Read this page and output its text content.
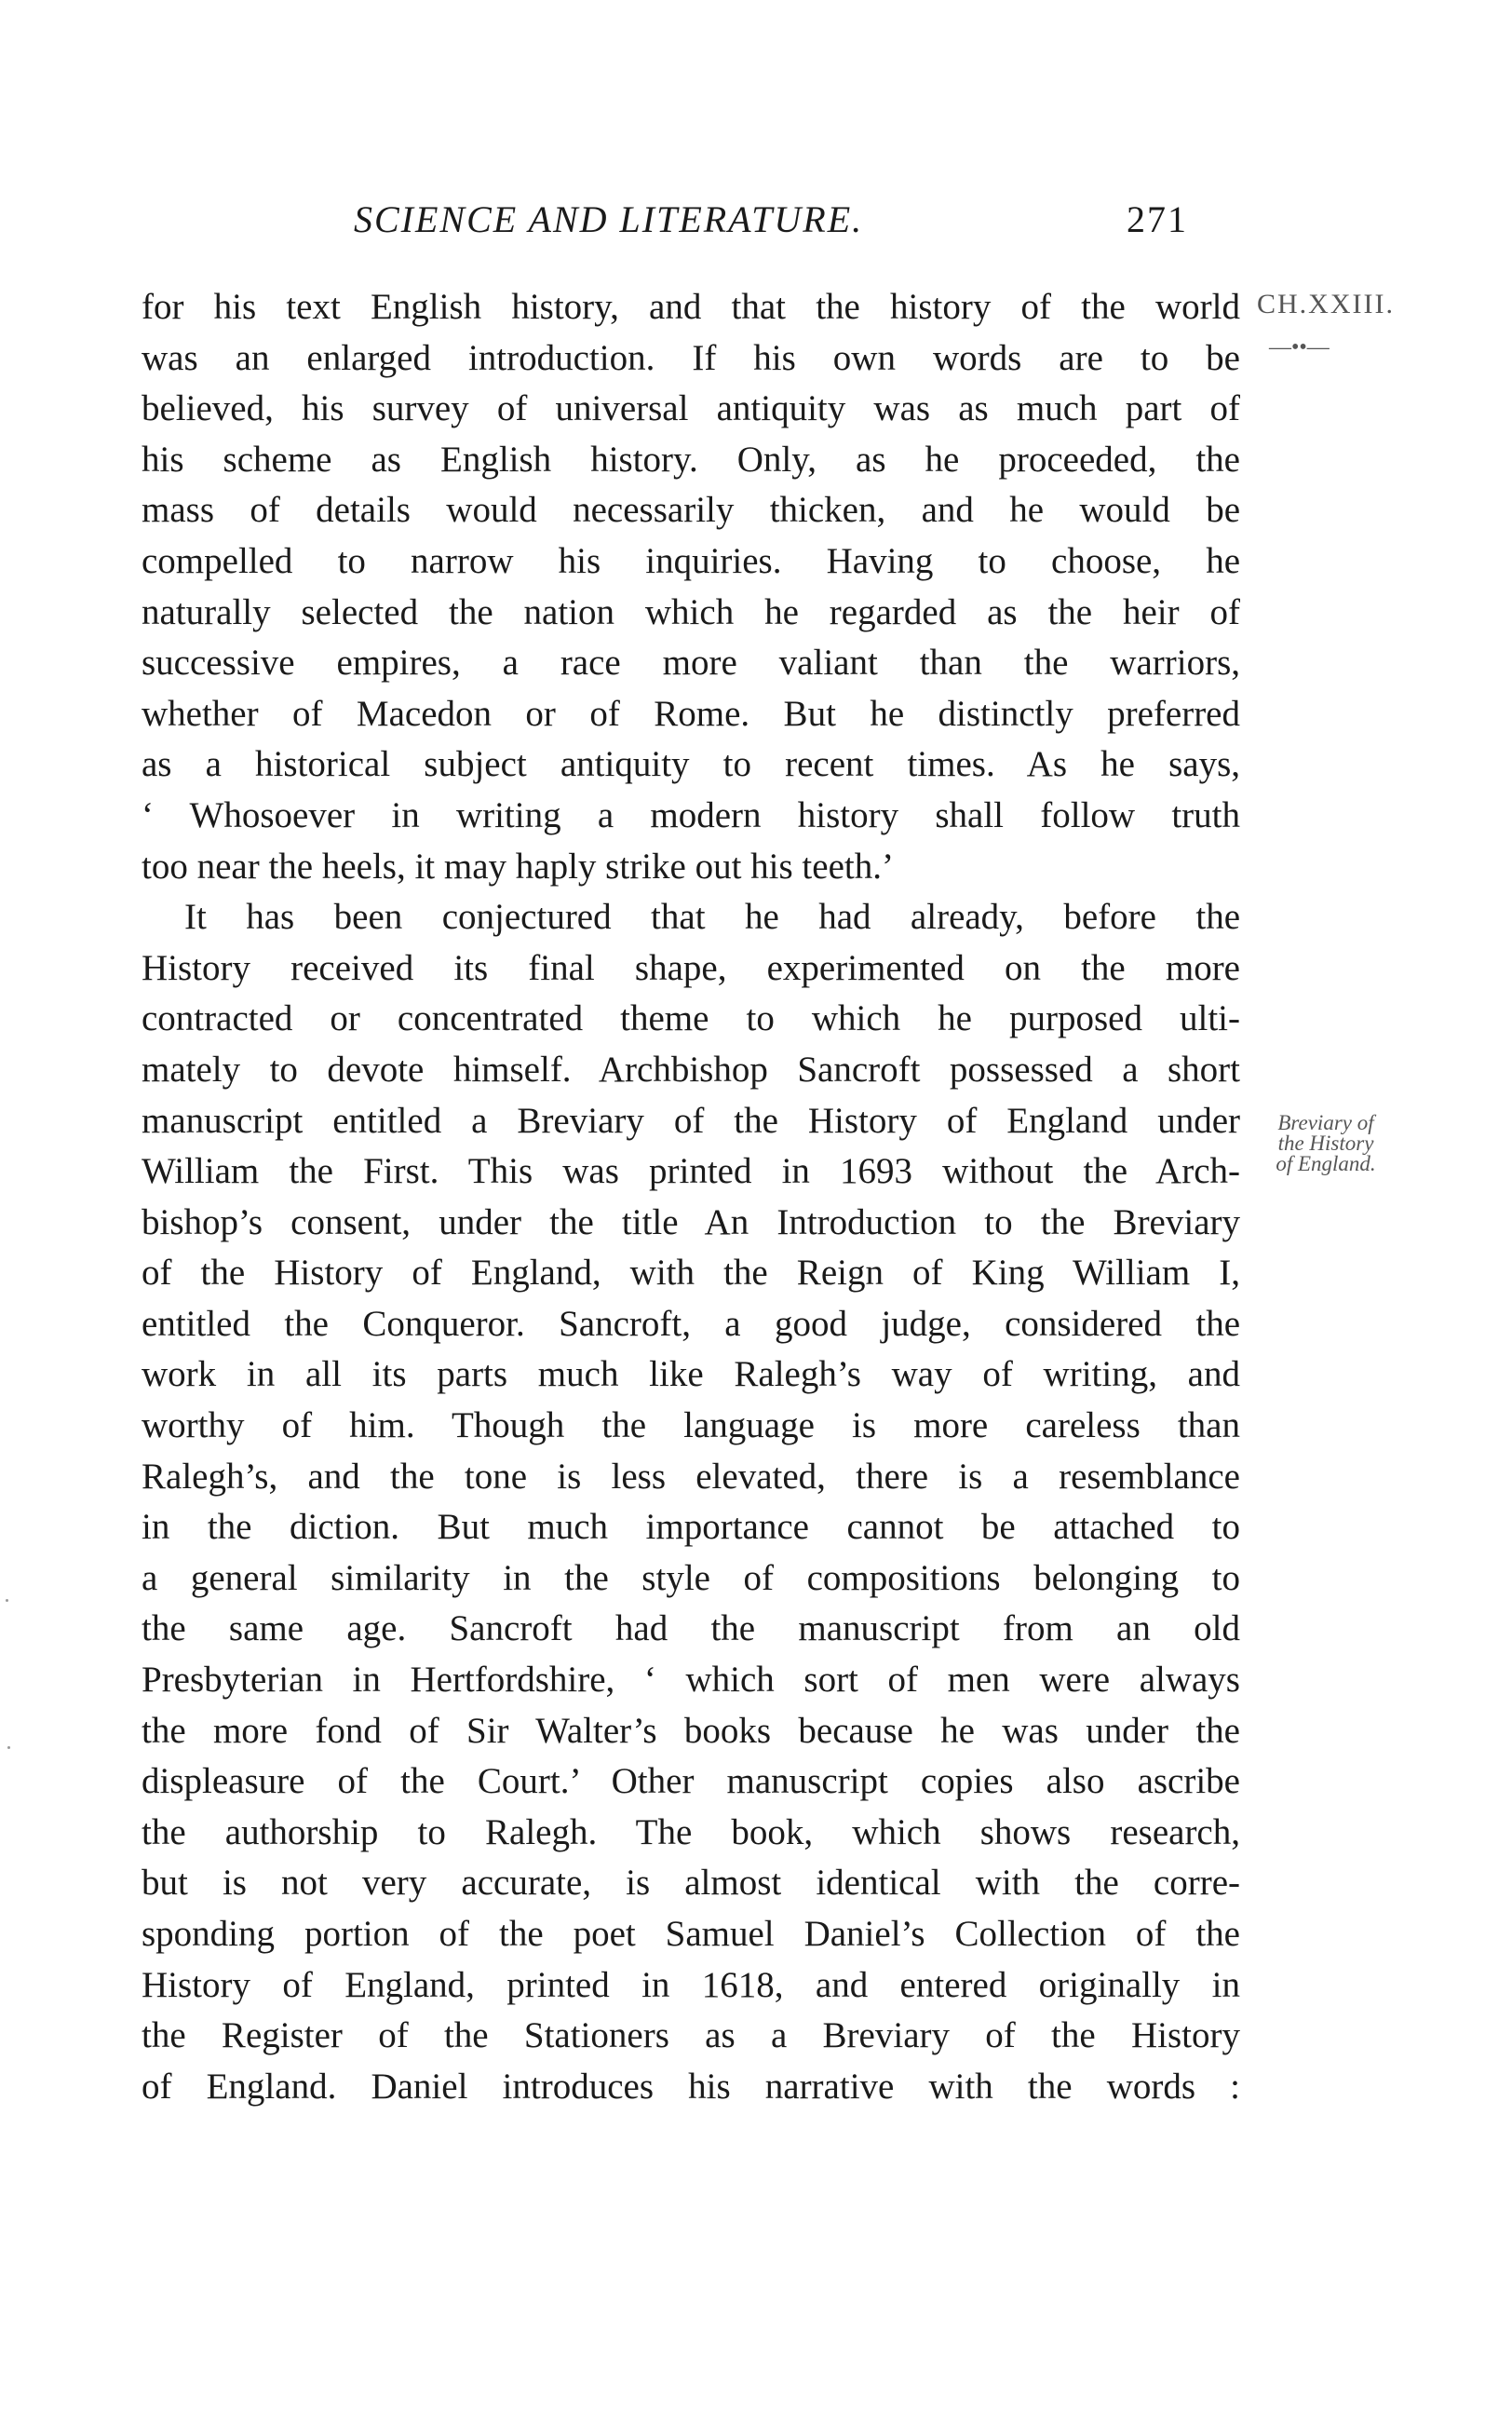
SCIENCE AND LITERATURE.	271
CH.XXIII.
—••—
Breviary of
the History
of England.
for his text English history, and that the history of the world
was an enlarged introduction. If his own words are to be
believed, his survey of universal antiquity was as much part of
his scheme as English history. Only, as he proceeded, the
mass of details would necessarily thicken, and he would be
compelled to narrow his inquiries. Having to choose, he
naturally selected the nation which he regarded as the heir of
successive empires, a race more valiant than the warriors,
whether of Macedon or of Rome. But he distinctly preferred
as a historical subject antiquity to recent times. As he says,
‘ Whosoever in writing a modern history shall follow truth
too near the heels, it may haply strike out his teeth.’
It has been conjectured that he had already, before the
History received its final shape, experimented on the more
contracted or concentrated theme to which he purposed ulti-
mately to devote himself. Archbishop Sancroft possessed a short
manuscript entitled a Breviary of the History of England under
William the First. This was printed in 1693 without the Arch-
bishop’s consent, under the title An Introduction to the Breviary
of the History of England, with the Reign of King William I,
entitled the Conqueror. Sancroft, a good judge, considered the
work in all its parts much like Ralegh’s way of writing, and
worthy of him. Though the language is more careless than
Ralegh’s, and the tone is less elevated, there is a resemblance
in the diction. But much importance cannot be attached to
a general similarity in the style of compositions belonging to
the same age. Sancroft had the manuscript from an old
Presbyterian in Hertfordshire, ‘ which sort of men were always
the more fond of Sir Walter’s books because he was under the
displeasure of the Court.’ Other manuscript copies also ascribe
the authorship to Ralegh. The book, which shows research,
but is not very accurate, is almost identical with the corre-
sponding portion of the poet Samuel Daniel’s Collection of the
History of England, printed in 1618, and entered originally in
the Register of the Stationers as a Breviary of the History
of England. Daniel introduces his narrative with the words :
